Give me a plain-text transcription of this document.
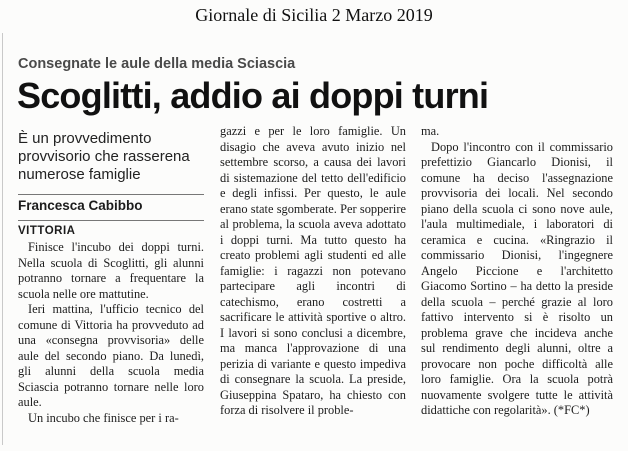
Giornale di Sicilia 2 Marzo 2019
Consegnate le aule della media Sciascia
Scoglitti, addio ai doppi turni
È un provvedimento provvisorio che rasserena numerose famiglie
Francesca Cabibbo
VITTORIA

Finisce l'incubo dei doppi turni. Nella scuola di Scoglitti, gli alunni potranno tornare a frequentare la scuola nelle ore mattutine.

Ieri mattina, l'ufficio tecnico del comune di Vittoria ha provveduto ad una «consegna provvisoria» delle aule del secondo piano. Da lunedì, gli alunni della scuola media Sciascia potranno tornare nelle loro aule.

Un incubo che finisce per i ra-

gazzi e per le loro famiglie. Un disagio che aveva avuto inizio nel settembre scorso, a causa dei lavori di sistemazione del tetto dell'edificio e degli infissi. Per questo, le aule erano state sgomberate. Per sopperire al problema, la scuola aveva adottato i doppi turni. Ma tutto questo ha creato problemi agli studenti ed alle famiglie: i ragazzi non potevano partecipare agli incontri di catechismo, erano costretti a sacrificare le attività sportive o altro. I lavori si sono conclusi a dicembre, ma manca l'approvazione di una perizia di variante e questo impediva di consegnare la scuola. La preside, Giuseppina Spataro, ha chiesto con forza di risolvere il proble-

ma.

Dopo l'incontro con il commissario prefettizio Giancarlo Dionisi, il comune ha deciso l'assegnazione provvisoria dei locali. Nel secondo piano della scuola ci sono nove aule, l'aula multimediale, i laboratori di ceramica e cucina. «Ringrazio il commissario Dionisi, l'ingegnere Angelo Piccione e l'architetto Giacomo Sortino – ha detto la preside della scuola – perché grazie al loro fattivo intervento si è risolto un problema grave che incideva anche sul rendimento degli alunni, oltre a provocare non poche difficoltà alle loro famiglie. Ora la scuola potrà nuovamente svolgere tutte le attività didattiche con regolarità». (*FC*)
